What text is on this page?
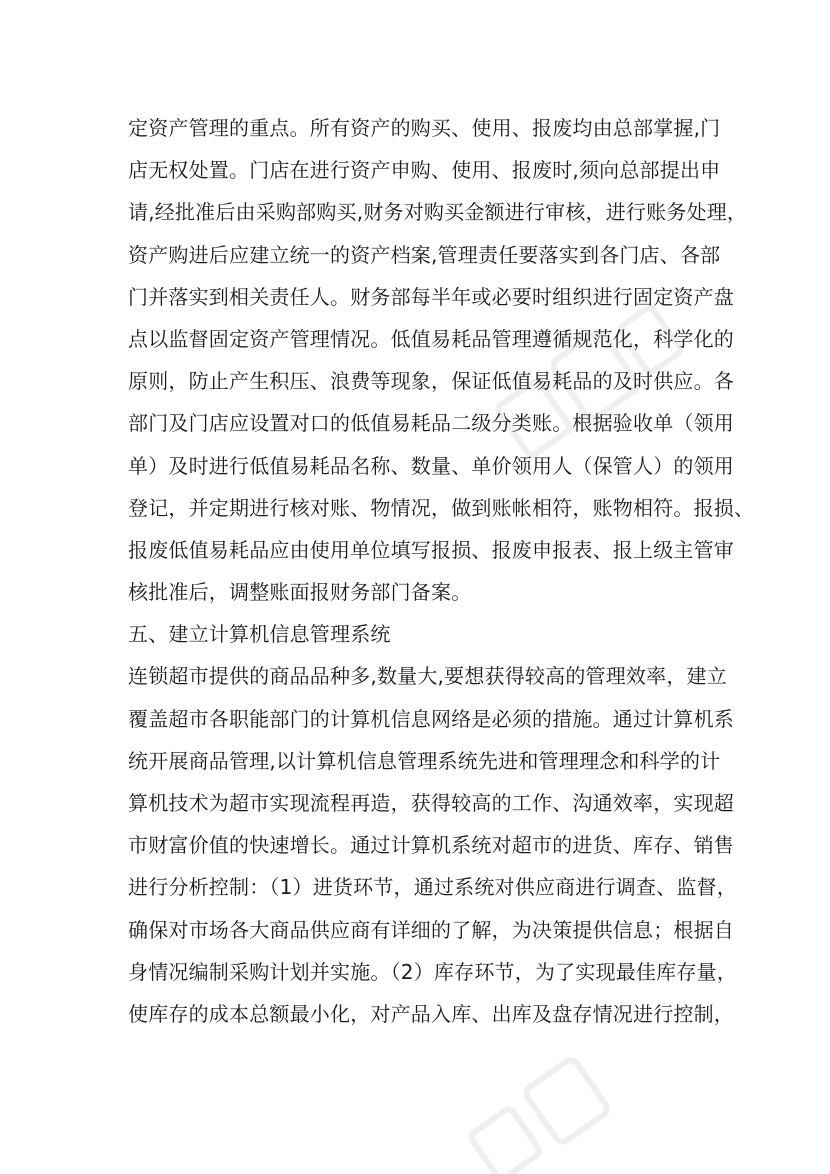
定资产管理的重点。所有资产的购买、使用、报废均由总部掌握,门
店无权处置。门店在进行资产申购、使用、报废时,须向总部提出申
请,经批准后由采购部购买,财务对购买金额进行审核，进行账务处理，
资产购进后应建立统一的资产档案,管理责任要落实到各门店、各部
门并落实到相关责任人。财务部每半年或必要时组织进行固定资产盘
点以监督固定资产管理情况。低值易耗品管理遵循规范化，科学化的
原则，防止产生积压、浪费等现象，保证低值易耗品的及时供应。各
部门及门店应设置对口的低值易耗品二级分类账。根据验收单（领用
单）及时进行低值易耗品名称、数量、单价领用人（保管人）的领用
登记，并定期进行核对账、物情况，做到账帐相符，账物相符。报损、
报废低值易耗品应由使用单位填写报损、报废申报表、报上级主管审
核批准后，调整账面报财务部门备案。
五、建立计算机信息管理系统
连锁超市提供的商品品种多,数量大,要想获得较高的管理效率，建立
覆盖超市各职能部门的计算机信息网络是必须的措施。通过计算机系
统开展商品管理,以计算机信息管理系统先进和管理理念和科学的计
算机技术为超市实现流程再造，获得较高的工作、沟通效率，实现超
市财富价值的快速增长。通过计算机系统对超市的进货、库存、销售
进行分析控制：（1）进货环节，通过系统对供应商进行调查、监督，
确保对市场各大商品供应商有详细的了解，为决策提供信息；根据自
身情况编制采购计划并实施。（2）库存环节，为了实现最佳库存量，
使库存的成本总额最小化，对产品入库、出库及盘存情况进行控制，
